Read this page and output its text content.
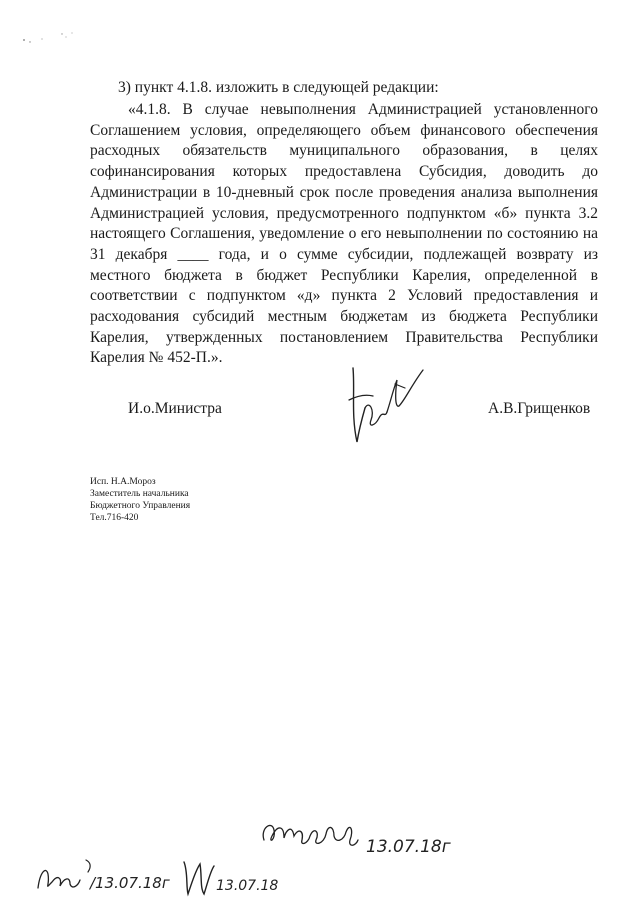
3) пункт 4.1.8. изложить в следующей редакции:

«4.1.8. В случае невыполнения Администрацией установленного Соглашением условия, определяющего объем финансового обеспечения расходных обязательств муниципального образования, в целях софинансирования которых предоставлена Субсидия, доводить до Администрации в 10-дневный срок после проведения анализа выполнения Администрацией условия, предусмотренного подпунктом «б» пункта 3.2 настоящего Соглашения, уведомление о его невыполнении по состоянию на 31 декабря ____ года, и о сумме субсидии, подлежащей возврату из местного бюджета в бюджет Республики Карелия, определенной в соответствии с подпунктом «д» пункта 2 Условий предоставления и расходования субсидий местным бюджетам из бюджета Республики Карелия, утвержденных постановлением Правительства Республики Карелия № 452-П.».

И.о.Министра	А.В.Грищенков
Исп. Н.А.Мороз
Заместитель начальника
Бюджетного Управления
Тел.716-420
13.07.18г
/13.07.18г	13.07.18
